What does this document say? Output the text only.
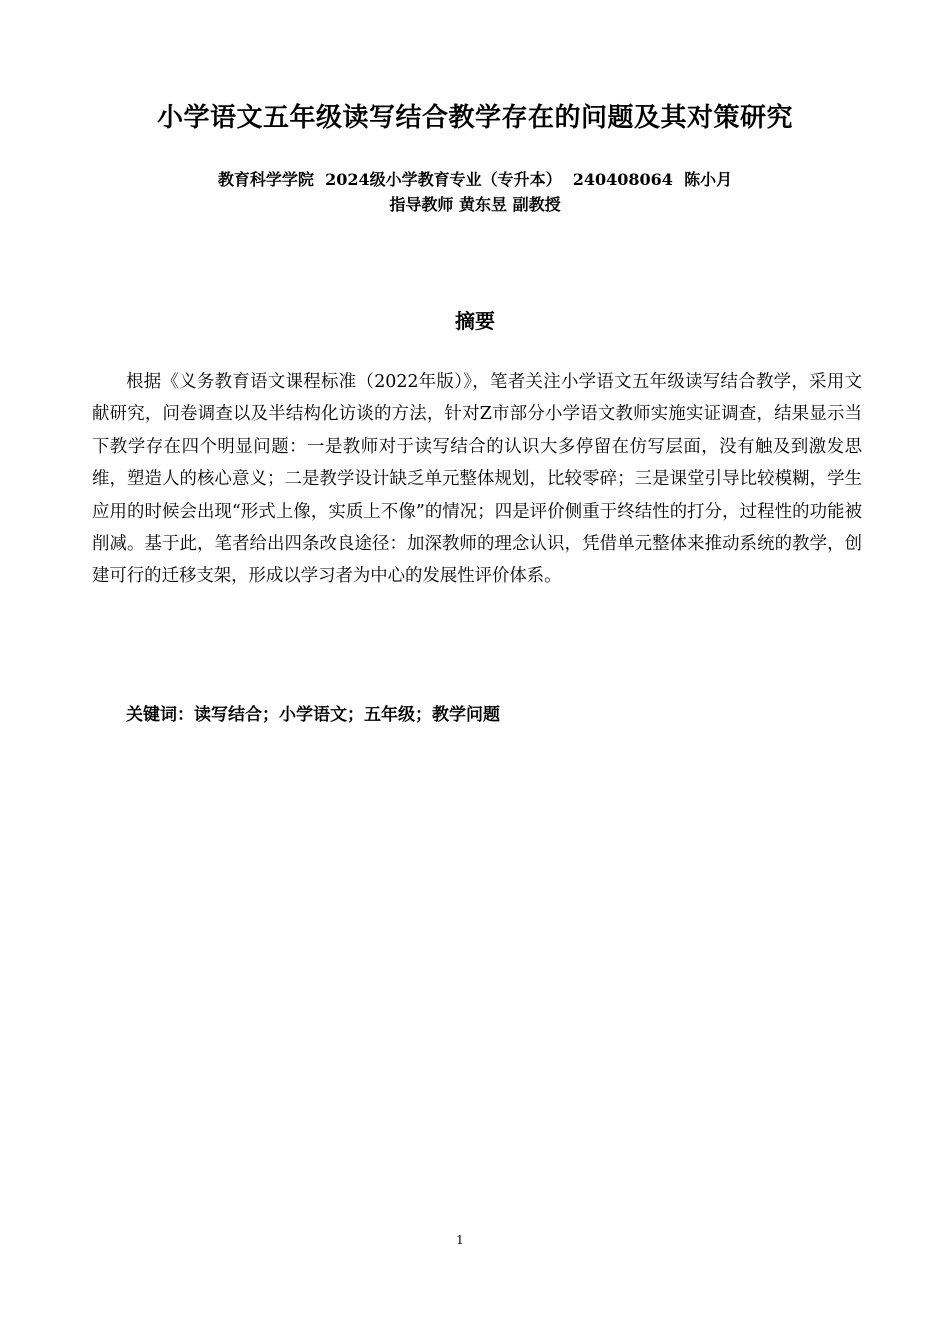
小学语文五年级读写结合教学存在的问题及其对策研究
教育科学学院  2024级小学教育专业（专升本）  240408064  陈小月
指导教师 黄东昱 副教授
摘要

根据《义务教育语文课程标准（2022年版）》，笔者关注小学语文五年级读写结合教学，采用文献研究，问卷调查以及半结构化访谈的方法，针对Z市部分小学语文教师实施实证调查，结果显示当下教学存在四个明显问题：一是教师对于读写结合的认识大多停留在仿写层面，没有触及到激发思维，塑造人的核心意义；二是教学设计缺乏单元整体规划，比较零碎；三是课堂引导比较模糊，学生应用的时候会出现“形式上像，实质上不像”的情况；四是评价侧重于终结性的打分，过程性的功能被削减。基于此，笔者给出四条改良途径：加深教师的理念认识，凭借单元整体来推动系统的教学，创建可行的迁移支架，形成以学习者为中心的发展性评价体系。

关键词：读写结合；小学语文；五年级；教学问题
1
